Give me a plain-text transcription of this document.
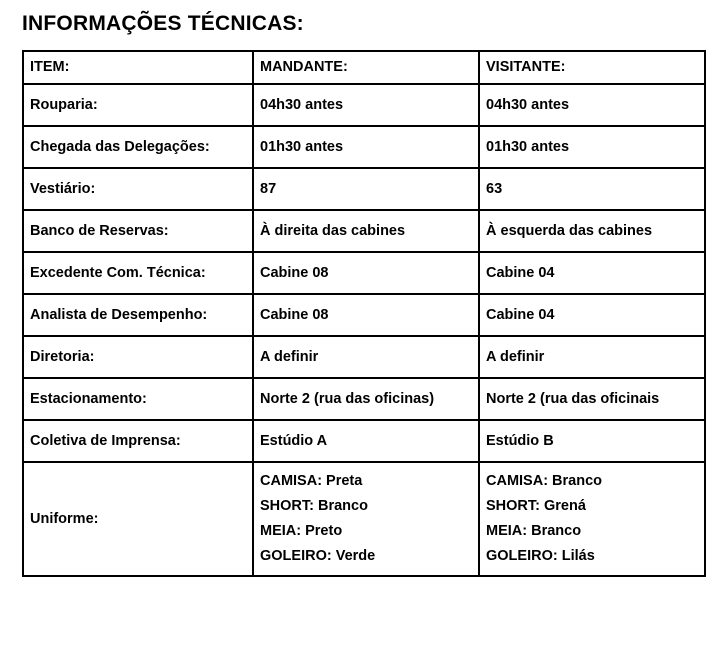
INFORMAÇÕES TÉCNICAS:
ITEM:	MANDANTE:	VISITANTE:
Rouparia:	04h30 antes	04h30 antes
Chegada das Delegações:	01h30 antes	01h30 antes
Vestiário:	87	63
Banco de Reservas:	À direita das cabines	À esquerda das cabines
Excedente Com. Técnica:	Cabine 08	Cabine 04
Analista de Desempenho:	Cabine 08	Cabine 04
Diretoria:	A definir	A definir
Estacionamento:	Norte 2 (rua das oficinas)	Norte 2 (rua das oficinais
Coletiva de Imprensa:	Estúdio A	Estúdio B
Uniforme:	CAMISA: Preta
SHORT: Branco
MEIA: Preto
GOLEIRO: Verde	CAMISA: Branco
SHORT: Grená
MEIA: Branco
GOLEIRO: Lilás
